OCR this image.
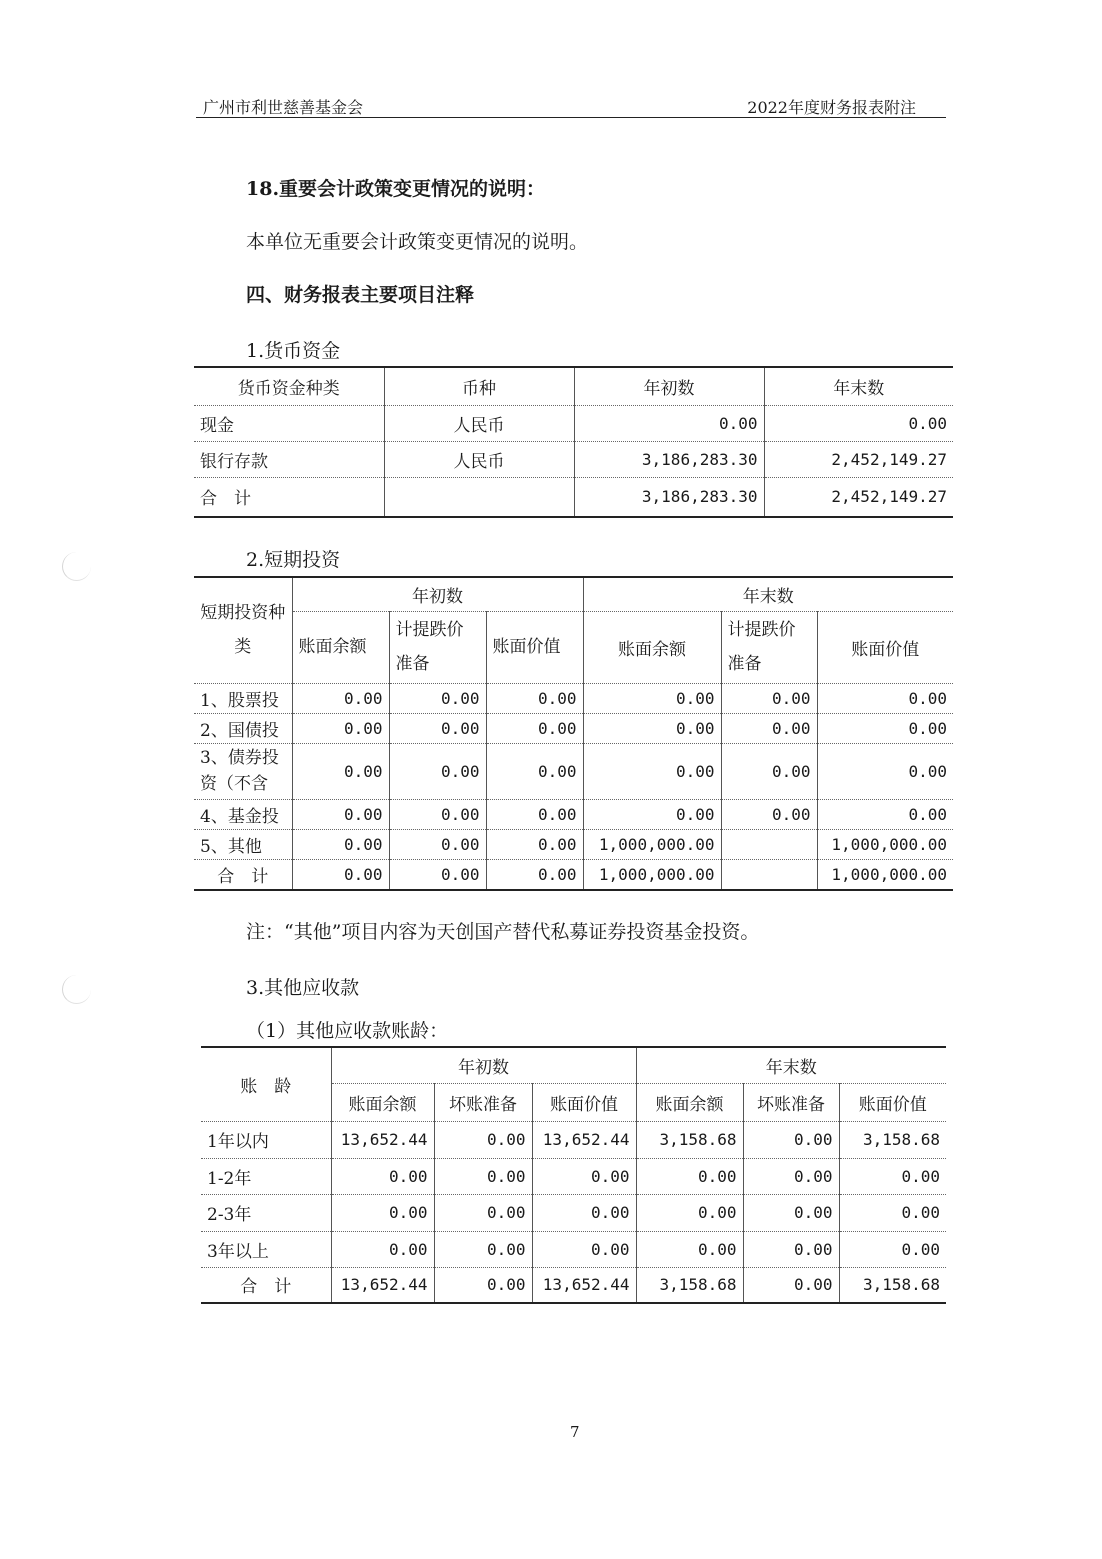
广州市利世慈善基金会	2022年度财务报表附注
18.重要会计政策变更情况的说明：
本单位无重要会计政策变更情况的说明。
四、财务报表主要项目注释
1.货币资金
货币资金种类	币种	年初数	年末数
现金	人民币	0.00	0.00
银行存款	人民币	3,186,283.30	2,452,149.27
合　计		3,186,283.30	2,452,149.27
2.短期投资
短期投资种类	年初数			年末数		
	账面余额	计提跌价准备	账面价值	账面余额	计提跌价准备	账面价值
1、股票投	0.00	0.00	0.00	0.00	0.00	0.00
2、国债投	0.00	0.00	0.00	0.00	0.00	0.00
3、债券投资（不含	0.00	0.00	0.00	0.00	0.00	0.00
4、基金投	0.00	0.00	0.00	0.00	0.00	0.00
5、其他	0.00	0.00	0.00	1,000,000.00		1,000,000.00
合　计	0.00	0.00	0.00	1,000,000.00		1,000,000.00
注：“其他”项目内容为天创国产替代私募证券投资基金投资。
3.其他应收款
（1）其他应收款账龄：
账　龄	年初数			年末数		
	账面余额	坏账准备	账面价值	账面余额	坏账准备	账面价值
1年以内	13,652.44	0.00	13,652.44	3,158.68	0.00	3,158.68
1-2年	0.00	0.00	0.00	0.00	0.00	0.00
2-3年	0.00	0.00	0.00	0.00	0.00	0.00
3年以上	0.00	0.00	0.00	0.00	0.00	0.00
合　计	13,652.44	0.00	13,652.44	3,158.68	0.00	3,158.68
7
